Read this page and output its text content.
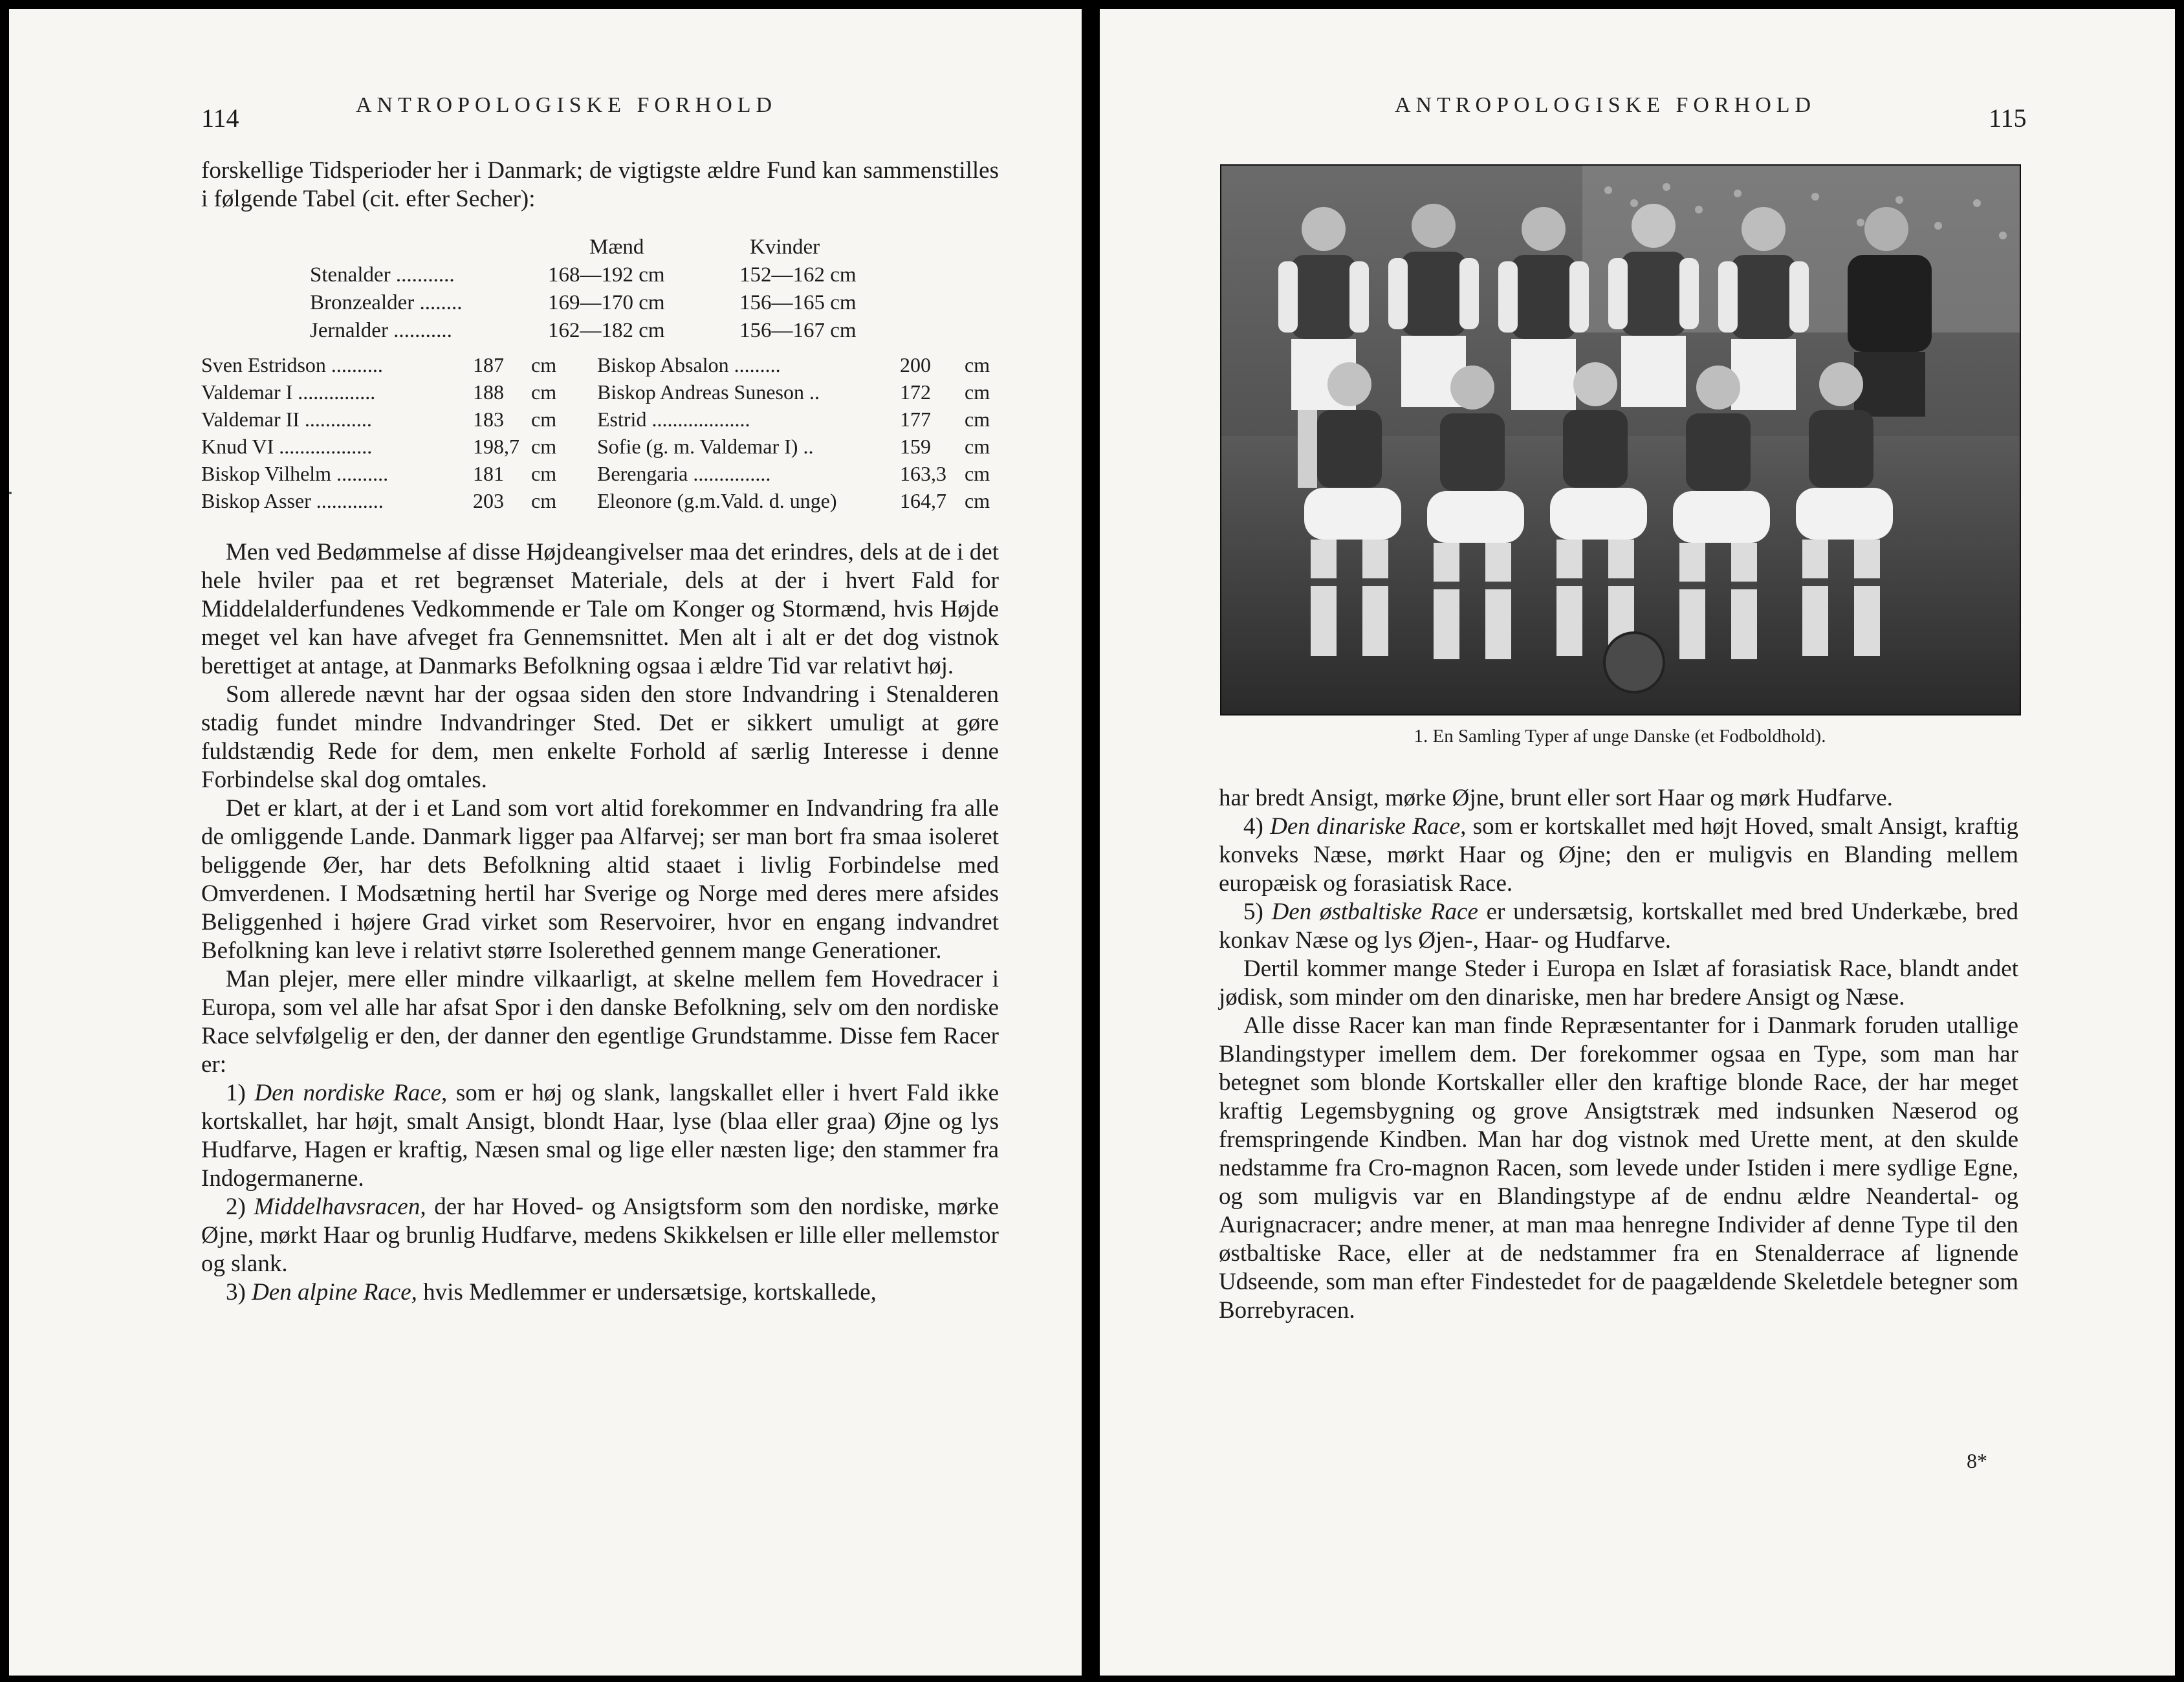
114	ANTROPOLOGISKE FORHOLD

forskellige Tidsperioder her i Danmark; de vigtigste ældre Fund kan sammenstilles i følgende Tabel (cit. efter Secher):

Mænd	Kvinder
Stenalder ...........	168—192 cm	152—162 cm
Bronzealder ........	169—170 cm	156—165 cm
Jernalder ...........	162—182 cm	156—167 cm
Sven Estridson ..........	187 cm Biskop Absalon .........	200 cm
Valdemar I ...............	188 cm Biskop Andreas Suneson ..	172 cm
Valdemar II .............	183 cm Estrid ...................	177 cm
Knud VI ..................	198,7 cm Sofie (g. m. Valdemar I) ..	159 cm
Biskop Vilhelm ..........	181 cm Berengaria ...............	163,3 cm
Biskop Asser .............	203 cm Eleonore (g.m.Vald. d. unge)	164,7 cm

Men ved Bedømmelse af disse Højdeangivelser maa det erindres, dels at de i det hele hviler paa et ret begrænset Materiale, dels at der i hvert Fald for Middelalderfundenes Vedkommende er Tale om Konger og Stormænd, hvis Højde meget vel kan have afveget fra Gennemsnittet. Men alt i alt er det dog vistnok berettiget at antage, at Danmarks Befolkning ogsaa i ældre Tid var relativt høj.

Som allerede nævnt har der ogsaa siden den store Indvandring i Stenalderen stadig fundet mindre Indvandringer Sted. Det er sikkert umuligt at gøre fuldstændig Rede for dem, men enkelte Forhold af særlig Interesse i denne Forbindelse skal dog omtales.

Det er klart, at der i et Land som vort altid forekommer en Indvandring fra alle de omliggende Lande. Danmark ligger paa Alfarvej; ser man bort fra smaa isoleret beliggende Øer, har dets Befolkning altid staaet i livlig Forbindelse med Omverdenen. I Modsætning hertil har Sverige og Norge med deres mere afsides Beliggenhed i højere Grad virket som Reservoirer, hvor en engang indvandret Befolkning kan leve i relativt større Isolerethed gennem mange Generationer.

Man plejer, mere eller mindre vilkaarligt, at skelne mellem fem Hovedracer i Europa, som vel alle har afsat Spor i den danske Befolkning, selv om den nordiske Race selvfølgelig er den, der danner den egentlige Grundstamme. Disse fem Racer er:

1) Den nordiske Race, som er høj og slank, langskallet eller i hvert Fald ikke kortskallet, har højt, smalt Ansigt, blondt Haar, lyse (blaa eller graa) Øjne og lys Hudfarve, Hagen er kraftig, Næsen smal og lige eller næsten lige; den stammer fra Indogermanerne.

2) Middelhavsracen, der har Hoved- og Ansigtsform som den nordiske, mørke Øjne, mørkt Haar og brunlig Hudfarve, medens Skikkelsen er lille eller mellemstor og slank.

3) Den alpine Race, hvis Medlemmer er undersætsige, kortskallede,

ANTROPOLOGISKE FORHOLD	115
1. En Samling Typer af unge Danske (et Fodboldhold).

har bredt Ansigt, mørke Øjne, brunt eller sort Haar og mørk Hudfarve.

4) Den dinariske Race, som er kortskallet med højt Hoved, smalt Ansigt, kraftig konveks Næse, mørkt Haar og Øjne; den er muligvis en Blanding mellem europæisk og forasiatisk Race.

5) Den østbaltiske Race er undersætsig, kortskallet med bred Underkæbe, bred konkav Næse og lys Øjen-, Haar- og Hudfarve.

Dertil kommer mange Steder i Europa en Islæt af forasiatisk Race, blandt andet jødisk, som minder om den dinariske, men har bredere Ansigt og Næse.

Alle disse Racer kan man finde Repræsentanter for i Danmark foruden utallige Blandingstyper imellem dem. Der forekommer ogsaa en Type, som man har betegnet som blonde Kortskaller eller den kraftige blonde Race, der har meget kraftig Legemsbygning og grove Ansigtstræk med indsunken Næserod og fremspringende Kindben. Man har dog vistnok med Urette ment, at den skulde nedstamme fra Cro-magnon Racen, som levede under Istiden i mere sydlige Egne, og som muligvis var en Blandingstype af de endnu ældre Neandertal- og Aurignacracer; andre mener, at man maa henregne Individer af denne Type til den østbaltiske Race, eller at de nedstammer fra en Stenalderrace af lignende Udseende, som man efter Findestedet for de paagældende Skeletdele betegner som Borrebyracen.

8*
